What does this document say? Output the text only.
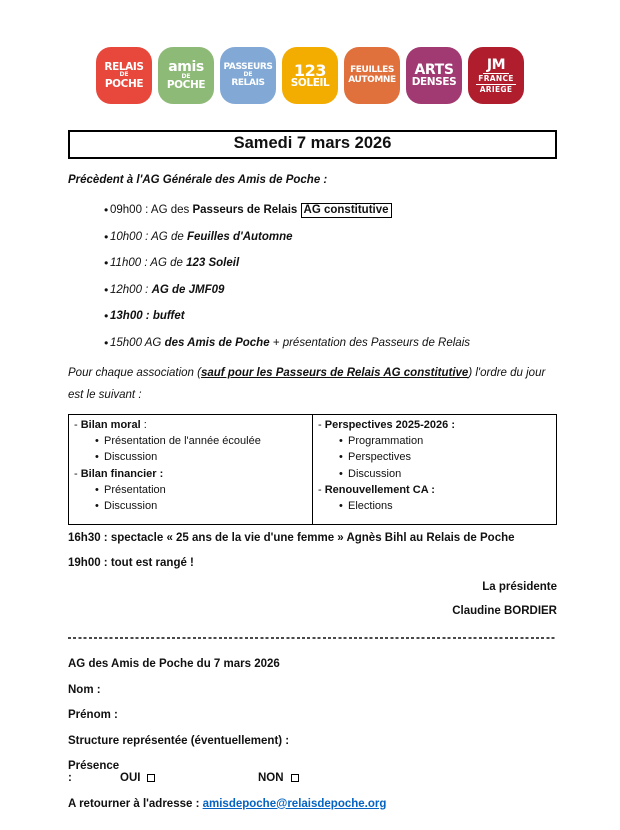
RELAIS
DE
POCHE
amis
DE
POCHE
PASSEURS
DE
RELAIS
123
SOLEIL
FEUILLES
AUTOMNE
ARTS
DENSES
JM
FRANCE
ARIEGE
Samedi 7 mars 2026

Précèdent à l'AG Générale des Amis de Poche :

• 09h00 : AG des Passeurs de Relais AG constitutive
• 10h00 : AG de Feuilles d'Automne
• 11h00 : AG de 123 Soleil
• 12h00 : AG de JMF09
• 13h00 : buffet
• 15h00 AG des Amis de Poche + présentation des Passeurs de Relais

Pour chaque association (sauf pour les Passeurs de Relais AG constitutive) l'ordre du jour est le suivant :

- Bilan moral :
• Présentation de l'année écoulée
• Discussion
- Bilan financier :
• Présentation
• Discussion

- Perspectives 2025-2026 :
• Programmation
• Perspectives
• Discussion
- Renouvellement CA :
• Elections

16h30 : spectacle « 25 ans de la vie d'une femme » Agnès Bihl au Relais de Poche

19h00 : tout est rangé !

La présidente

Claudine BORDIER

AG des Amis de Poche du 7 mars 2026

Nom :

Prénom :

Structure représentée (éventuellement) :

Présence :	OUI	NON

A retourner à l'adresse : amisdepoche@relaisdepoche.org
